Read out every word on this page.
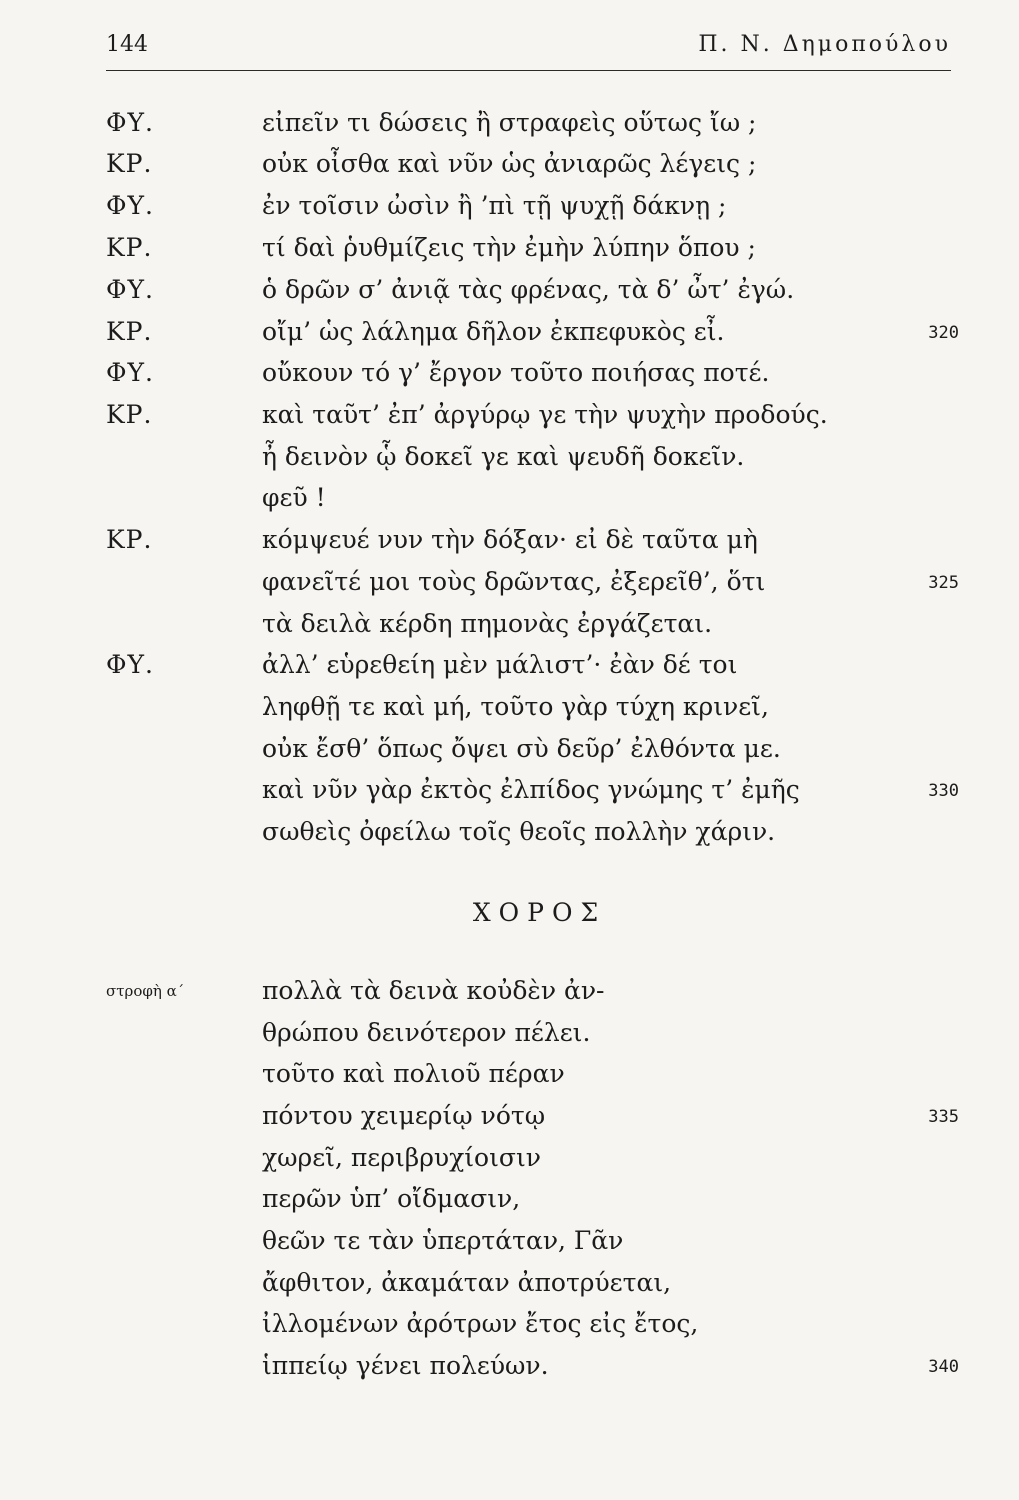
144	Π. Ν. Δημοπούλου
ΦΥ.	εἰπεῖν τι δώσεις ἢ στραφεὶς οὕτως ἴω ;
ΚΡ.	οὐκ οἶσθα καὶ νῦν ὡς ἀνιαρῶς λέγεις ;
ΦΥ.	ἐν τοῖσιν ὠσὶν ἢ ’πὶ τῇ ψυχῇ δάκνῃ ;
ΚΡ.	τί δαὶ ῥυθμίζεις τὴν ἐμὴν λύπην ὅπου ;
ΦΥ.	ὁ δρῶν σ’ ἀνιᾷ τὰς φρένας, τὰ δ’ ὦτ’ ἐγώ.
ΚΡ.	οἴμ’ ὡς λάλημα δῆλον ἐκπεφυκὸς εἶ.	320
ΦΥ.	οὔκουν τό γ’ ἔργον τοῦτο ποιήσας ποτέ.
ΚΡ.	καὶ ταῦτ’ ἐπ’ ἀργύρῳ γε τὴν ψυχὴν προδούς.
ἦ δεινὸν ᾧ δοκεῖ γε καὶ ψευδῆ δοκεῖν.
φεῦ !
ΚΡ.	κόμψευέ νυν τὴν δόξαν· εἰ δὲ ταῦτα μὴ
φανεῖτέ μοι τοὺς δρῶντας, ἐξερεῖθ’, ὅτι	325
τὰ δειλὰ κέρδη πημονὰς ἐργάζεται.
ΦΥ.	ἀλλ’ εὑρεθείη μὲν μάλιστ’· ἐὰν δέ τοι
ληφθῇ τε καὶ μή, τοῦτο γὰρ τύχη κρινεῖ,
οὐκ ἔσθ’ ὅπως ὄψει σὺ δεῦρ’ ἐλθόντα με.
καὶ νῦν γὰρ ἐκτὸς ἐλπίδος γνώμης τ’ ἐμῆς	330
σωθεὶς ὀφείλω τοῖς θεοῖς πολλὴν χάριν.
ΧΟΡΟΣ
στροφὴ α΄	πολλὰ τὰ δεινὰ κοὐδὲν ἀν-
θρώπου δεινότερον πέλει.
τοῦτο καὶ πολιοῦ πέραν
πόντου χειμερίῳ νότῳ	335
χωρεῖ, περιβρυχίοισιν
περῶν ὑπ’ οἴδμασιν,
θεῶν τε τὰν ὑπερτάταν, Γᾶν
ἄφθιτον, ἀκαμάταν ἀποτρύεται,
ἰλλομένων ἀρότρων ἔτος εἰς ἔτος,
ἱππείῳ γένει πολεύων.	340
